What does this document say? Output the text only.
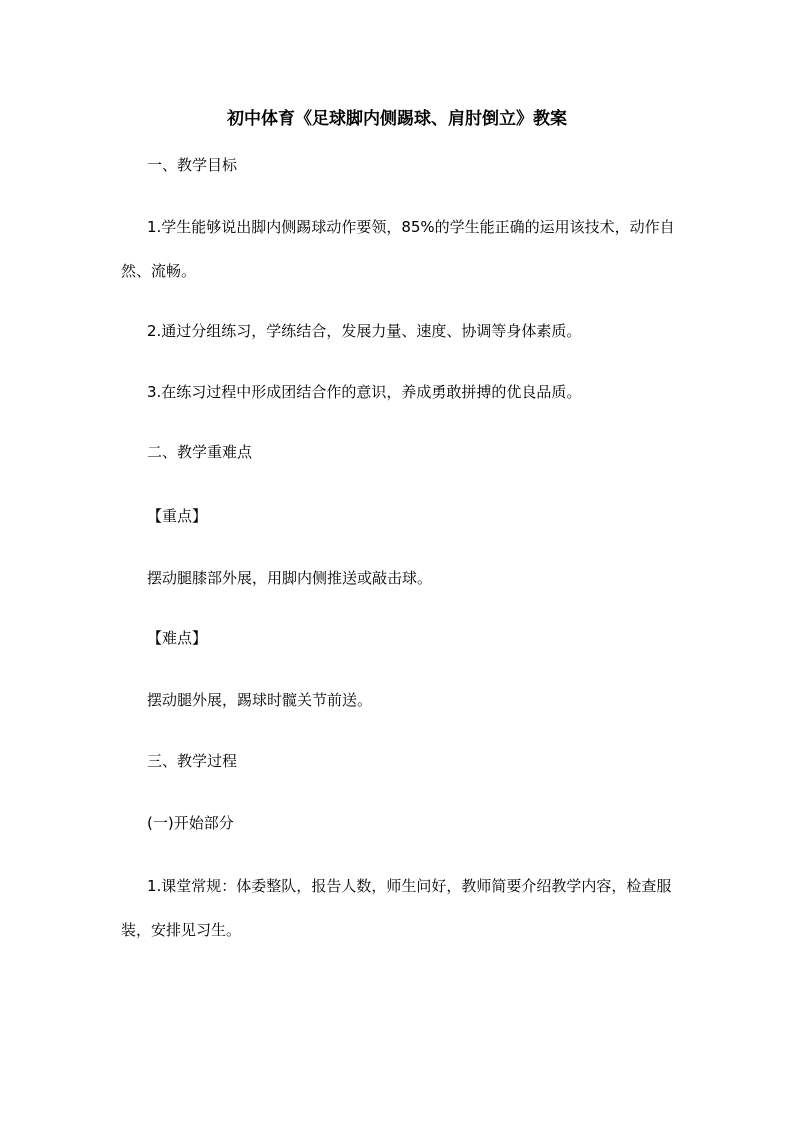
初中体育《足球脚内侧踢球、肩肘倒立》教案

一、教学目标

1.学生能够说出脚内侧踢球动作要领，85%的学生能正确的运用该技术，动作自然、流畅。

2.通过分组练习，学练结合，发展力量、速度、协调等身体素质。

3.在练习过程中形成团结合作的意识，养成勇敢拼搏的优良品质。

二、教学重难点

【重点】

摆动腿膝部外展，用脚内侧推送或敲击球。

【难点】

摆动腿外展，踢球时髋关节前送。

三、教学过程

(一)开始部分

1.课堂常规：体委整队，报告人数，师生问好，教师简要介绍教学内容，检查服装，安排见习生。
